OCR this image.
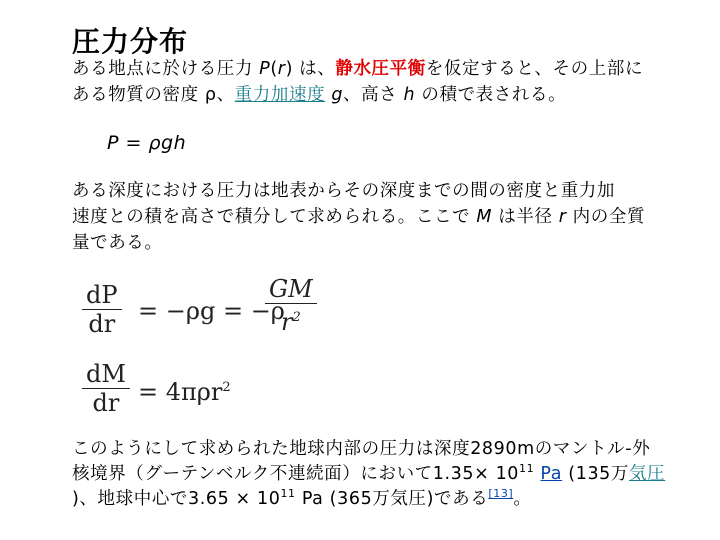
圧力分布
ある地点に於ける圧力 P(r) は、静水圧平衡を仮定すると、その上部に
ある物質の密度 ρ、重力加速度 g、高さ h の積で表される。
P = ρgh
ある深度における圧力は地表からその深度までの間の密度と重力加
速度との積を高さで積分して求められる。ここで M は半径 r 内の全質
量である。
dP
dr = −ρg = −ρ
GM
$r^2$
dM
dr = 4πρr$^2$
このようにして求められた地球内部の圧力は深度2890mのマントル-外
核境界（グーテンベルク不連続面）において$1.35\times 10^{11}$ Pa (135万気圧
)、地球中心で$3.65 \times 10^{11}$ Pa (365万気圧)である[13]。
